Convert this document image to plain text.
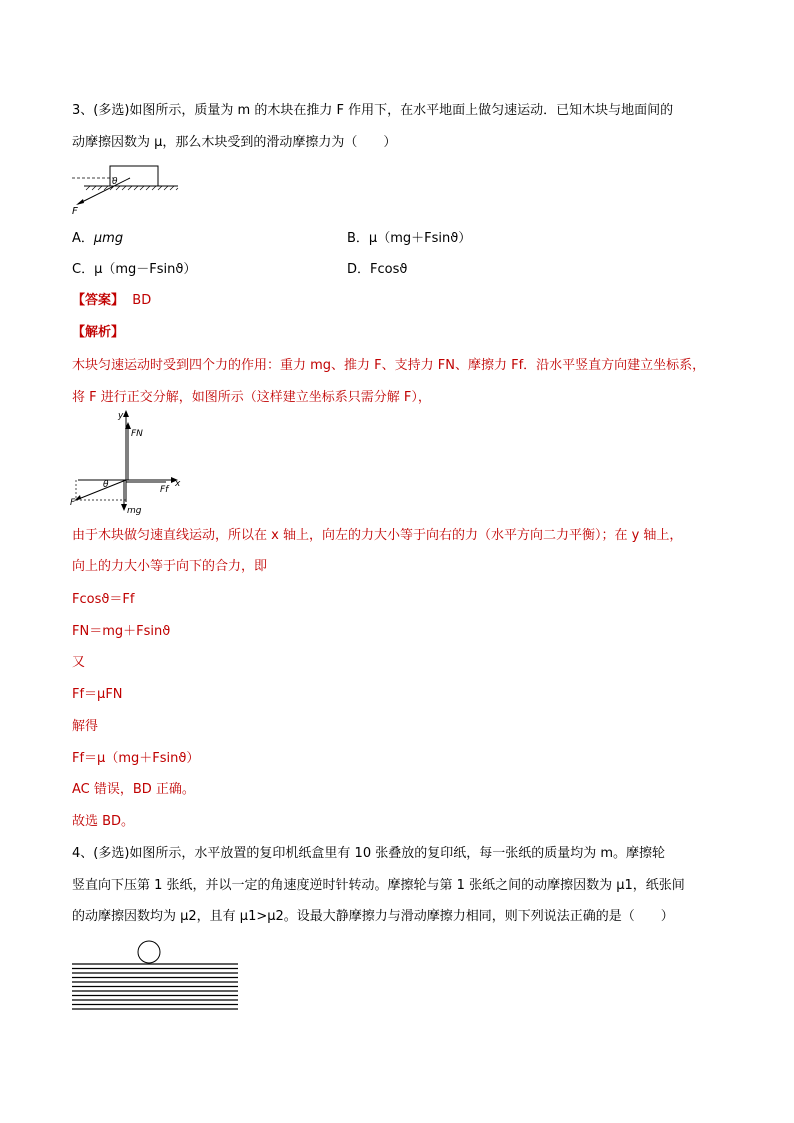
3、(多选)如图所示，质量为 m 的木块在推力 F 作用下，在水平地面上做匀速运动．已知木块与地面间的
动摩擦因数为 μ，那么木块受到的滑动摩擦力为（　　）
θ
F
A．μmg	B．μ（mg＋Fsinϑ）
C．μ（mg－Fsinϑ）	D．Fcosϑ
【答案】 BD
【解析】
木块匀速运动时受到四个力的作用：重力 mg、推力 F、支持力 FN、摩擦力 Ff．沿水平竖直方向建立坐标系，
将 F 进行正交分解，如图所示（这样建立坐标系只需分解 F），
y
x
FN
Ff
θ
F
mg
由于木块做匀速直线运动，所以在 x 轴上，向左的力大小等于向右的力（水平方向二力平衡）；在 y 轴上，
向上的力大小等于向下的合力，即
Fcosϑ＝Ff
FN＝mg＋Fsinϑ
又
Ff＝μFN
解得
Ff＝μ（mg＋Fsinϑ）
AC 错误，BD 正确。
故选 BD。
4、(多选)如图所示，水平放置的复印机纸盒里有 10 张叠放的复印纸，每一张纸的质量均为 m。摩擦轮
竖直向下压第 1 张纸，并以一定的角速度逆时针转动。摩擦轮与第 1 张纸之间的动摩擦因数为 μ1，纸张间
的动摩擦因数均为 μ2，且有 μ1>μ2。设最大静摩擦力与滑动摩擦力相同，则下列说法正确的是（　　）
